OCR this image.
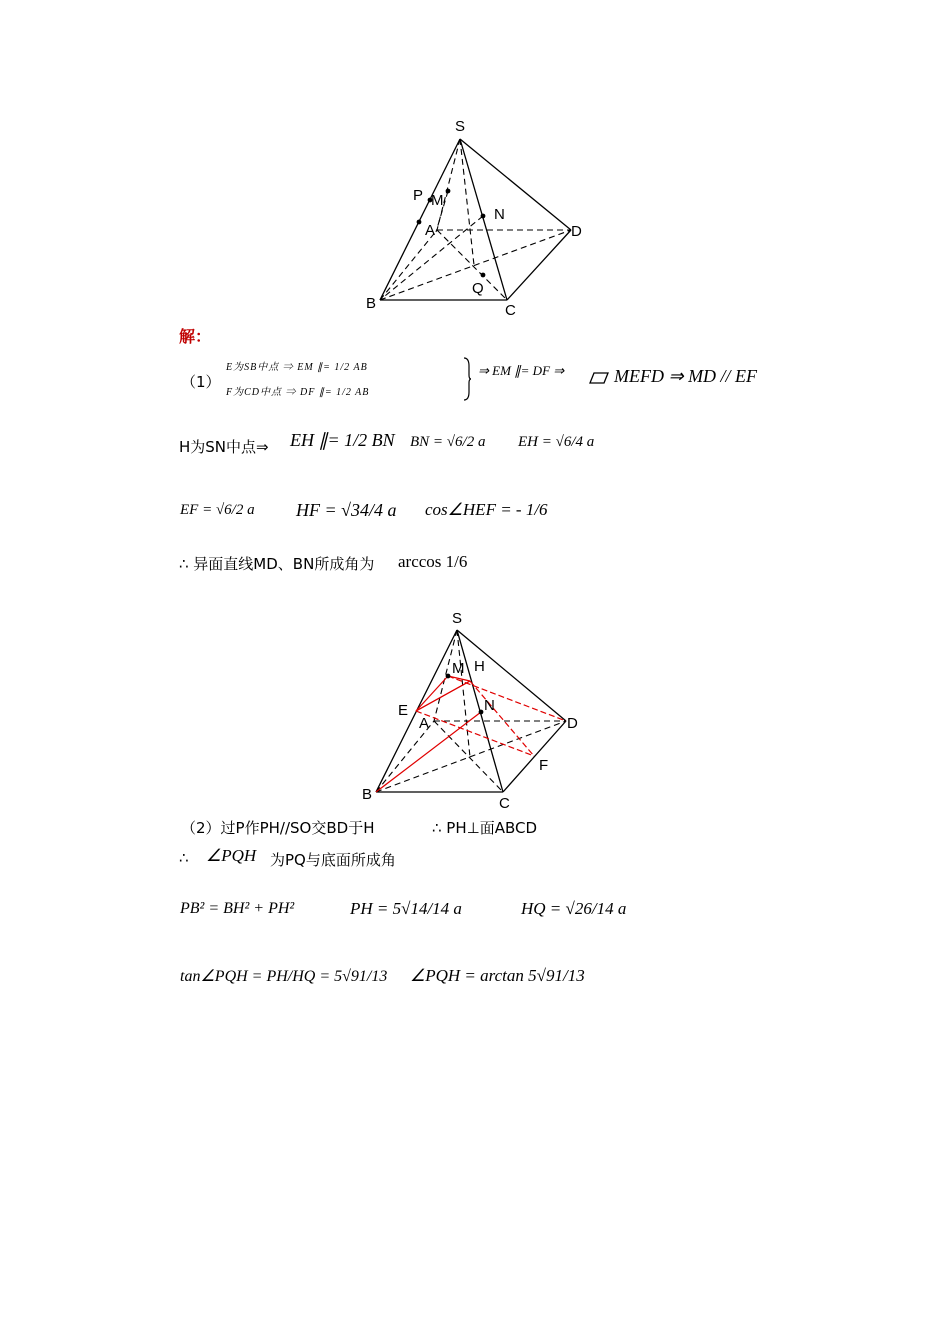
S
P M
N
A	D
Q
B	C
解：
（1）
E为SB中点 ⇒ EM ∥= 1/2 AB
F为CD中点 ⇒ DF ∥= 1/2 AB
⇒ EM ∥= DF ⇒	MEFD ⇒ MD // EF
H为SN中点⇒ EH ∥= 1/2 BN BN = √6/2 a EH = √6/4 a
EF = √6/2 a HF = √34/4 a cos∠HEF = - 1/6
∴ 异面直线MD、BN所成角为 arccos 1/6
S
M H
E
A
N
D
F
B
C
（2）过P作PH//SO交BD于H	∴ PH⊥面ABCD
∴ ∠PQH 为PQ与底面所成角
PB² = BH² + PH²	PH = 5√14/14 a	HQ = √26/14 a
tan∠PQH = PH/HQ = 5√91/13 ∠PQH = arctan 5√91/13
